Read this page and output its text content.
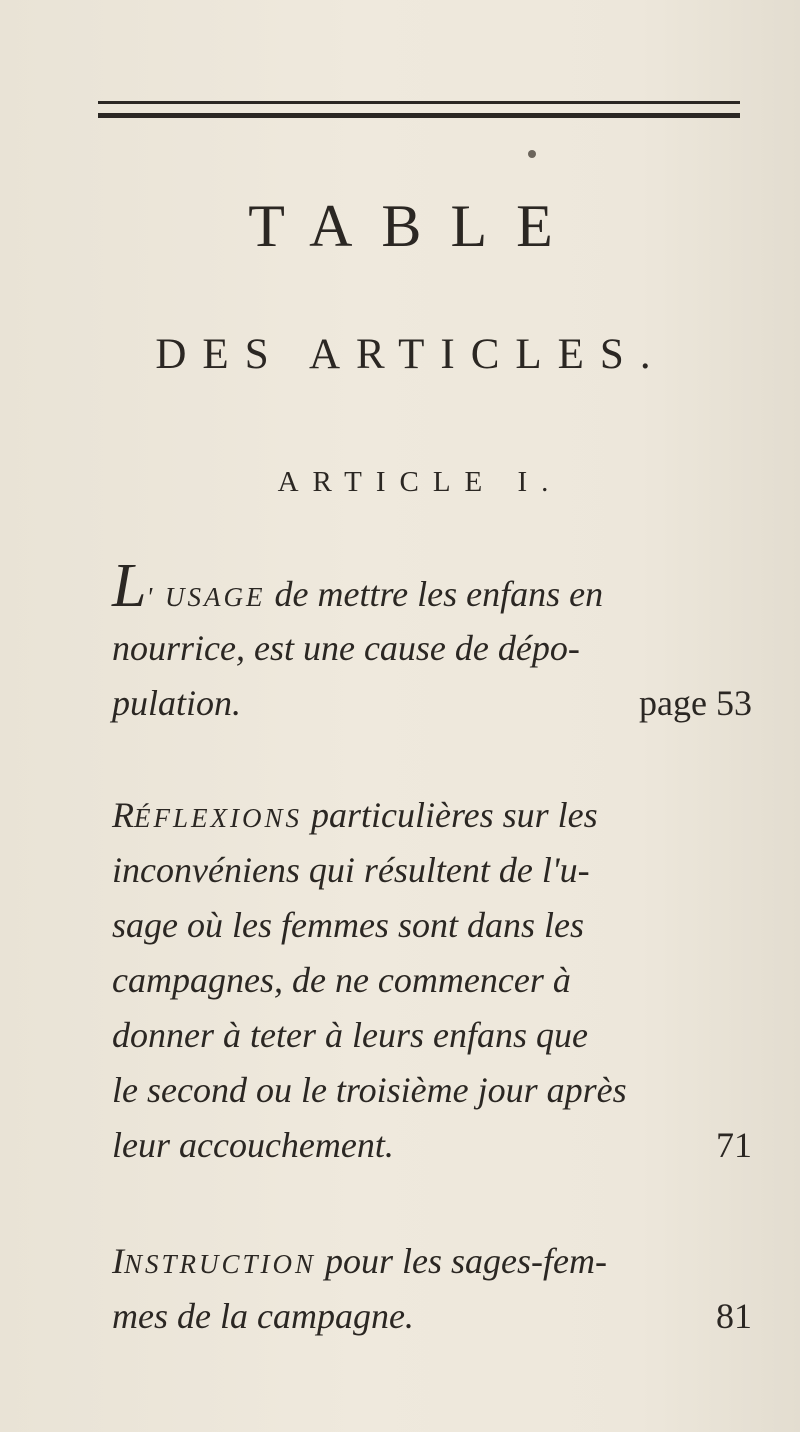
TABLE
DES ARTICLES.
ARTICLE I.
L' USAGE de mettre les enfans en
nourrice, est une cause de dépo-
pulation.	page 53
RÉFLEXIONS particulières sur les
inconvéniens qui résultent de l'u-
sage où les femmes sont dans les
campagnes, de ne commencer à
donner à teter à leurs enfans que
le second ou le troisième jour après
leur accouchement.	71
INSTRUCTION pour les sages-fem-
mes de la campagne.	81
